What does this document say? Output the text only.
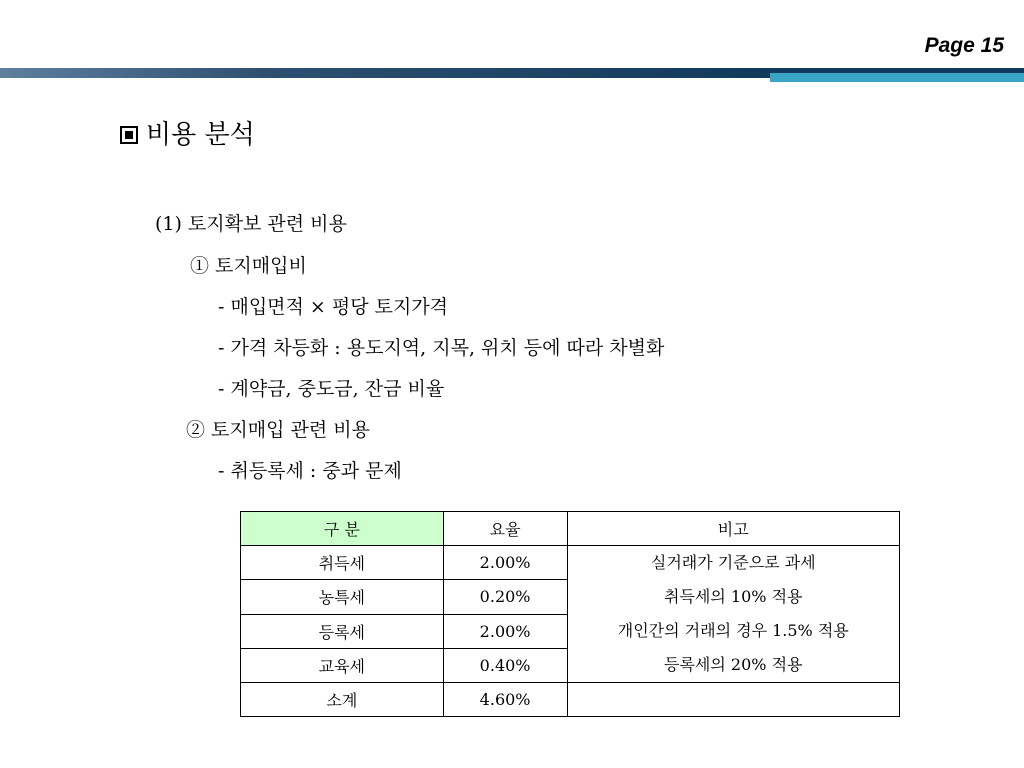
Page 15
비용 분석
(1) 토지확보 관련 비용
① 토지매입비
- 매입면적 × 평당 토지가격
- 가격 차등화 : 용도지역, 지목, 위치 등에 따라 차별화
- 계약금, 중도금, 잔금 비율
② 토지매입 관련 비용
- 취등록세 : 중과 문제
구 분	요율	비고
취득세	2.00%	실거래가 기준으로 과세
취득세의 10% 적용
개인간의 거래의 경우 1.5% 적용
등록세의 20% 적용

농특세	0.20%	
등록세	2.00%	
교육세	0.40%	
소계	4.60%	
